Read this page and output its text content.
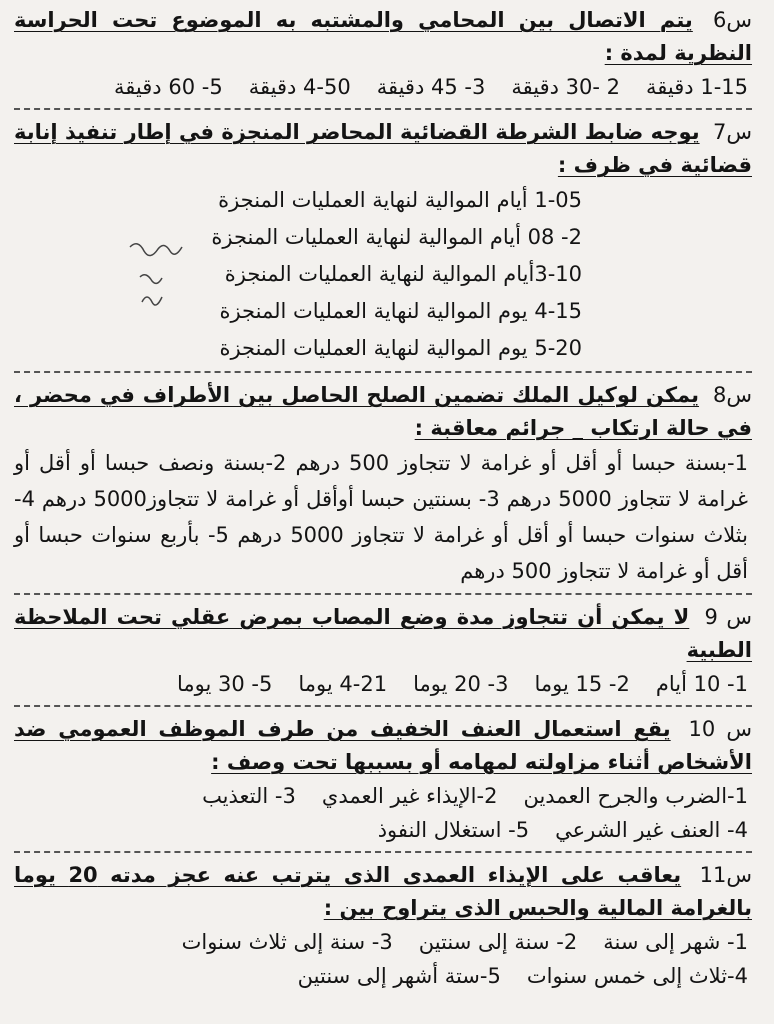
س6 يتم الاتصال بين المحامي والمشتبه به الموضوع تحت الحراسة النظرية لمدة :
1-15 دقيقة
2 -30 دقيقة
3- 45 دقيقة
4-50 دقيقة
5- 60 دقيقة
س7 يوجه ضابط الشرطة القضائية المحاضر المنجزة في إطار تنفيذ إنابة قضائية في ظرف :
1-05 أيام الموالية لنهاية العمليات المنجزة
2- 08 أيام الموالية لنهاية العمليات المنجزة
3-10أيام الموالية لنهاية العمليات المنجزة
4-15 يوم الموالية لنهاية العمليات المنجزة
5-20 يوم الموالية لنهاية العمليات المنجزة
س8 يمكن لوكيل الملك تضمين الصلح الحاصل بين الأطراف في محضر ، في حالة ارتكاب _ جرائم معاقبة :
1-بسنة حبسا أو أقل أو غرامة لا تتجاوز 500 درهم 2-بسنة ونصف حبسا أو أقل أو غرامة لا تتجاوز 5000 درهم 3- بسنتين حبسا أوأقل أو غرامة لا تتجاوز5000 درهم 4- بثلاث سنوات حبسا أو أقل أو غرامة لا تتجاوز 5000 درهم 5- بأربع سنوات حبسا أو أقل أو غرامة لا تتجاوز 500 درهم
س 9 لا يمكن أن تتجاوز مدة وضع المصاب بمرض عقلي تحت الملاحظة الطبية
1- 10 أيام
2- 15 يوما
3- 20 يوما
4-21 يوما
5- 30 يوما
س 10 يقع استعمال العنف الخفيف من طرف الموظف العمومي ضد الأشخاص أثناء مزاولته لمهامه أو بسببها تحت وصف :
1-الضرب والجرح العمدين
2-الإيذاء غير العمدي
3- التعذيب
4- العنف غير الشرعي
5- استغلال النفوذ
س11 يعاقب على الإيذاء العمدى الذى يترتب عنه عجز مدته 20 يوما بالغرامة المالية والحبس الذى يتراوح بين :
1- شهر إلى سنة
2- سنة إلى سنتين
3- سنة إلى ثلاث سنوات
4-ثلاث إلى خمس سنوات
5-ستة أشهر إلى سنتين
